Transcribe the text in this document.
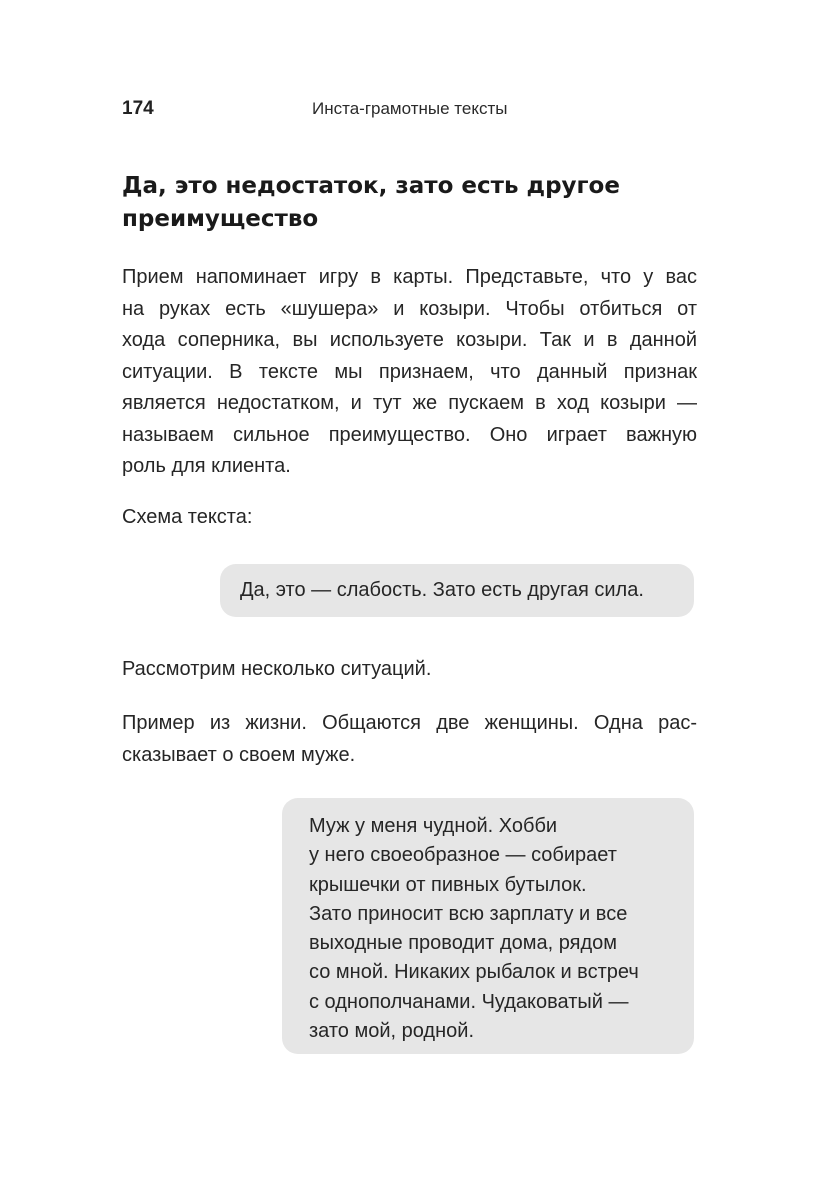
174	Инста-грамотные тексты
Да, это недостаток, зато есть другое
преимущество

Прием напоминает игру в карты. Представьте, что у вас
на руках есть «шушера» и козыри. Чтобы отбиться от
хода соперника, вы используете козыри. Так и в данной
ситуации. В тексте мы признаем, что данный признак
является недостатком, и тут же пускаем в ход козыри —
называем сильное преимущество. Оно играет важную
роль для клиента.

Схема текста:

Да, это — слабость. Зато есть другая сила.

Рассмотрим несколько ситуаций.

Пример из жизни. Общаются две женщины. Одна рас-
сказывает о своем муже.

Муж у меня чудной. Хобби
у него своеобразное — собирает
крышечки от пивных бутылок.
Зато приносит всю зарплату и все
выходные проводит дома, рядом
со мной. Никаких рыбалок и встреч
с однополчанами. Чудаковатый —
зато мой, родной.
